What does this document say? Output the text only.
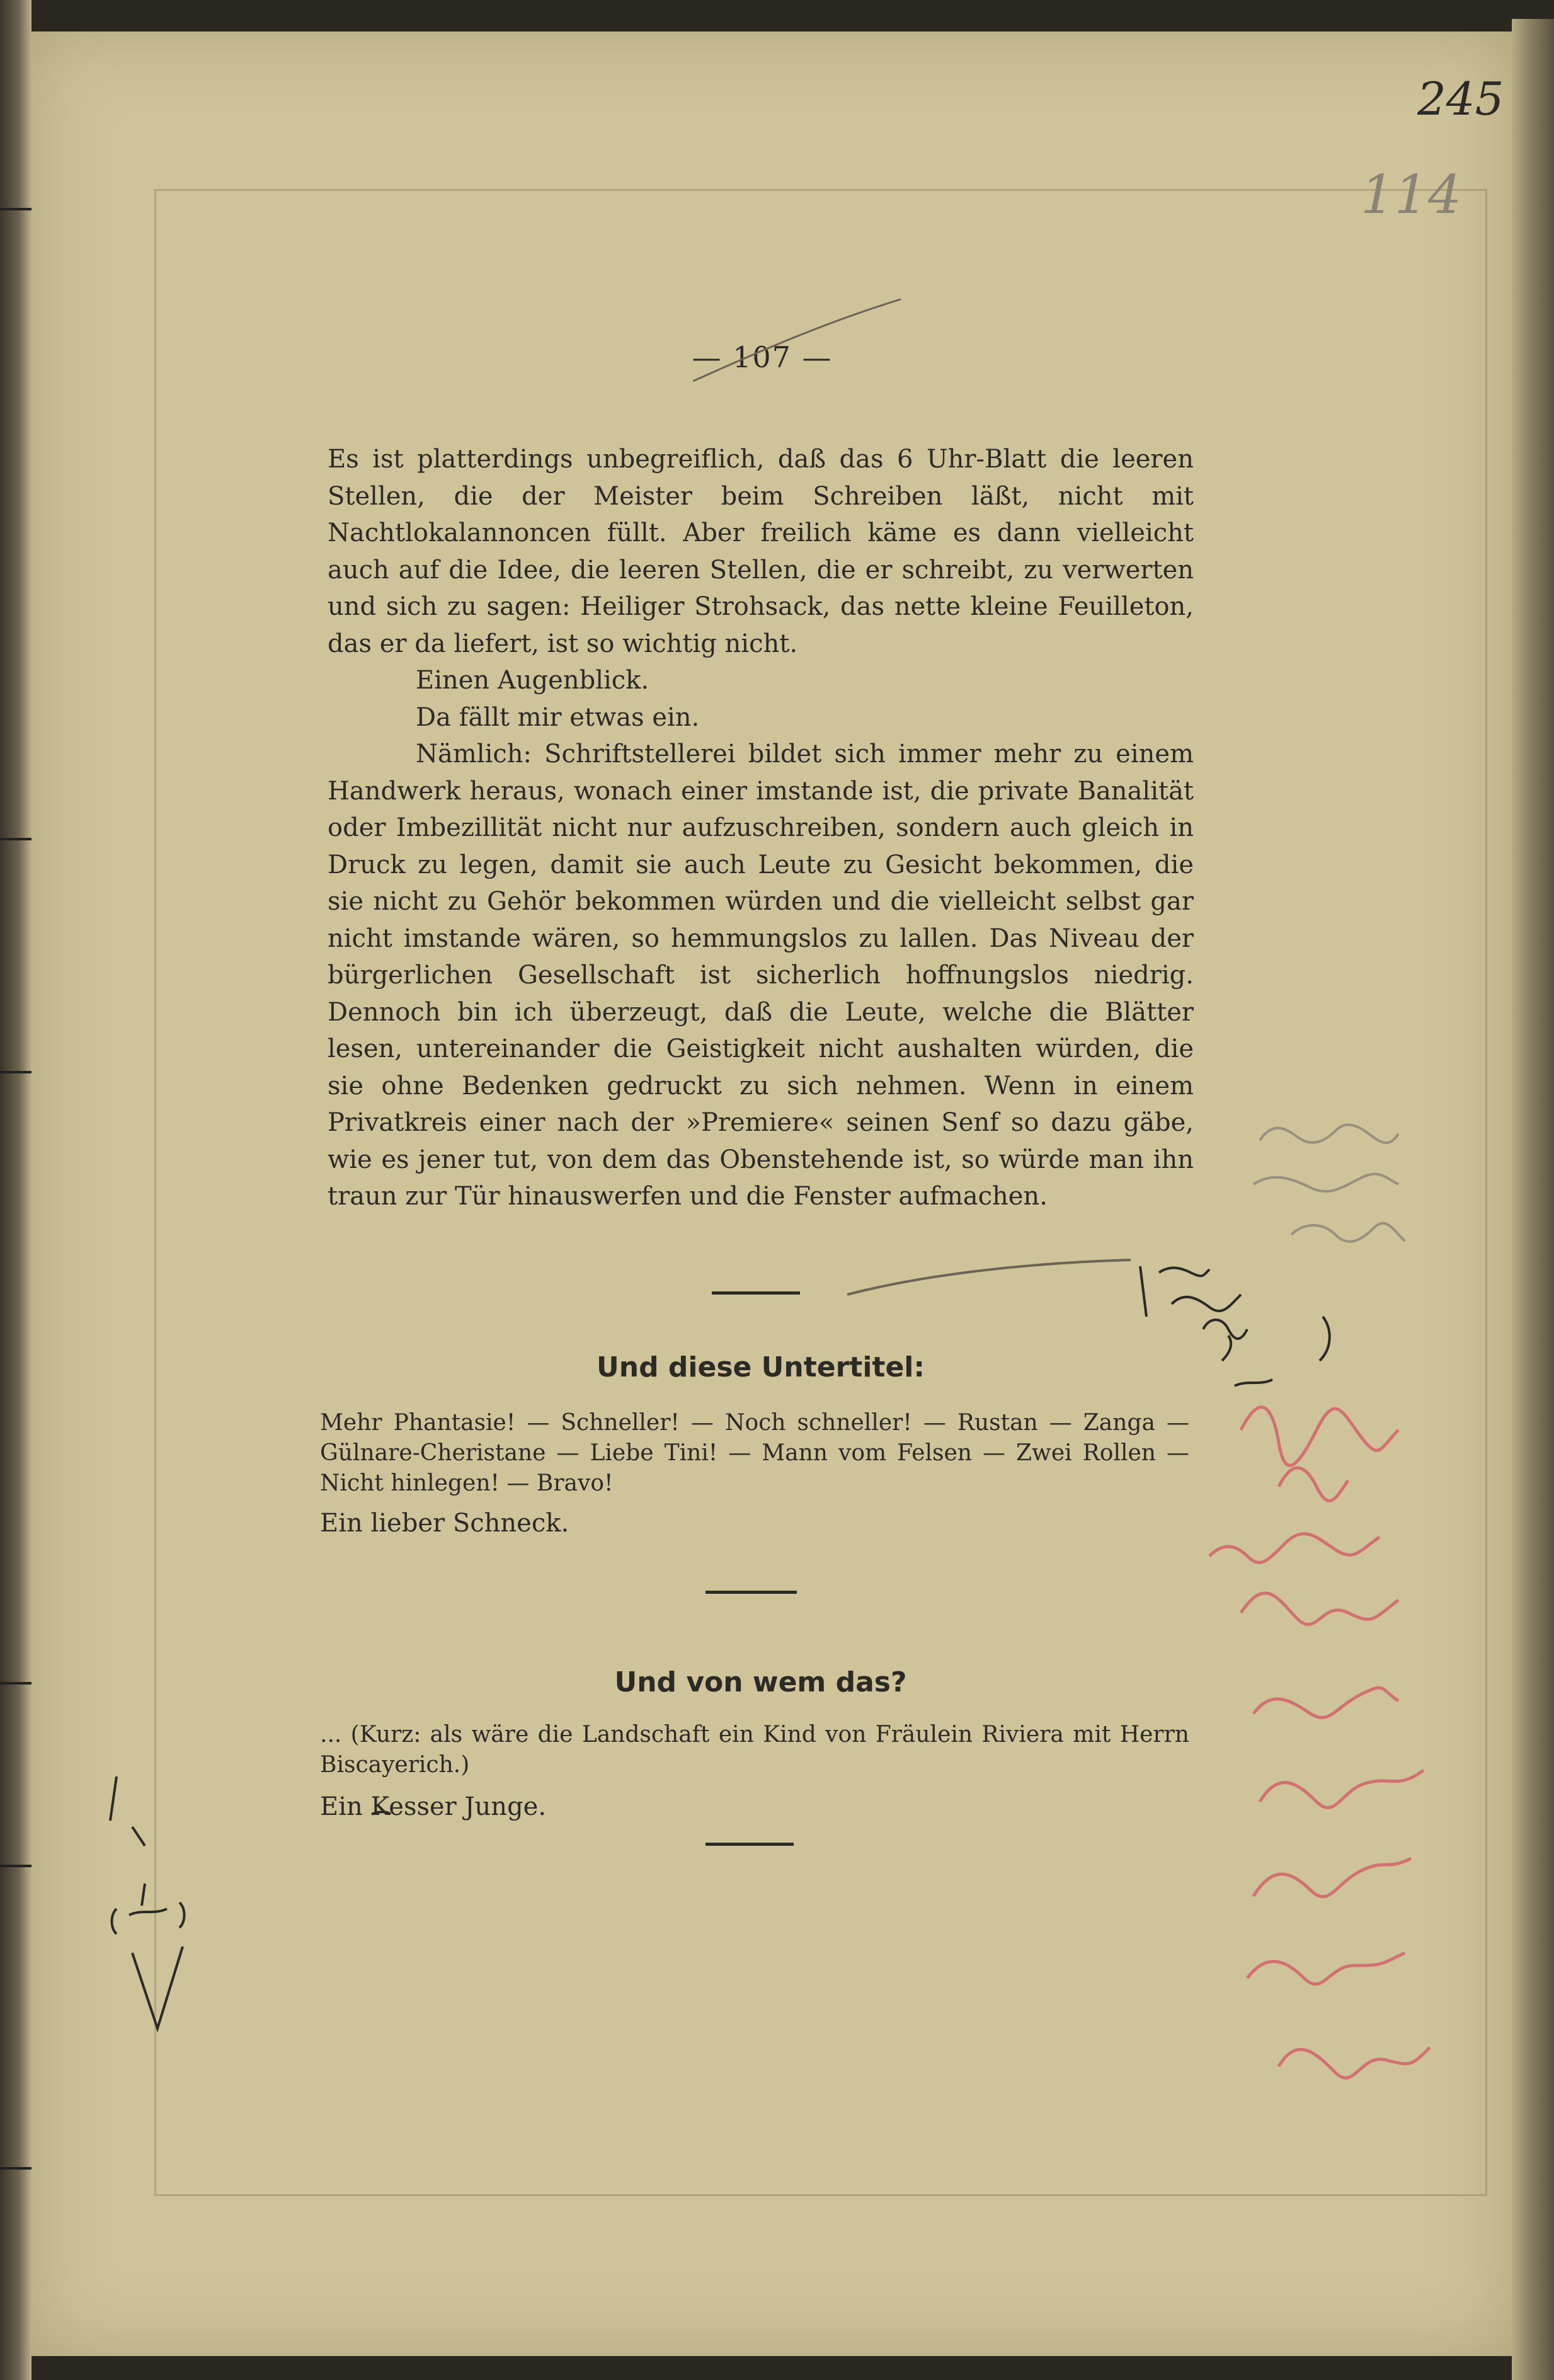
245
114
— 107 —

Es ist platterdings unbegreiflich, daß das 6 Uhr-Blatt die leeren Stellen, die der Meister beim Schreiben läßt, nicht mit Nachtlokalannoncen füllt. Aber freilich käme es dann vielleicht auch auf die Idee, die leeren Stellen, die er schreibt, zu verwerten und sich zu sagen: Heiliger Strohsack, das nette kleine Feuilleton, das er da liefert, ist so wichtig nicht.

Einen Augenblick.

Da fällt mir etwas ein.

Nämlich: Schriftstellerei bildet sich immer mehr zu einem Handwerk heraus, wonach einer imstande ist, die private Banalität oder Imbezillität nicht nur aufzuschreiben, sondern auch gleich in Druck zu legen, damit sie auch Leute zu Gesicht bekommen, die sie nicht zu Gehör bekommen würden und die vielleicht selbst gar nicht imstande wären, so hemmungslos zu lallen. Das Niveau der bürgerlichen Gesellschaft ist sicherlich hoffnungslos niedrig. Dennoch bin ich überzeugt, daß die Leute, welche die Blätter lesen, untereinander die Geistigkeit nicht aushalten würden, die sie ohne Bedenken gedruckt zu sich nehmen. Wenn in einem Privatkreis einer nach der »Premiere« seinen Senf so dazu gäbe, wie es jener tut, von dem das Obenstehende ist, so würde man ihn traun zur Tür hinauswerfen und die Fenster aufmachen.

Und diese Untertitel:
Mehr Phantasie! — Schneller! — Noch schneller! — Rustan — Zanga — Gülnare-Cheristane — Liebe Tini! — Mann vom Felsen — Zwei Rollen — Nicht hinlegen! — Bravo!
Ein lieber Schneck.
Und von wem das?
... (Kurz: als wäre die Landschaft ein Kind von Fräulein Riviera mit Herrn Biscayerich.)
Ein Kesser Junge.
